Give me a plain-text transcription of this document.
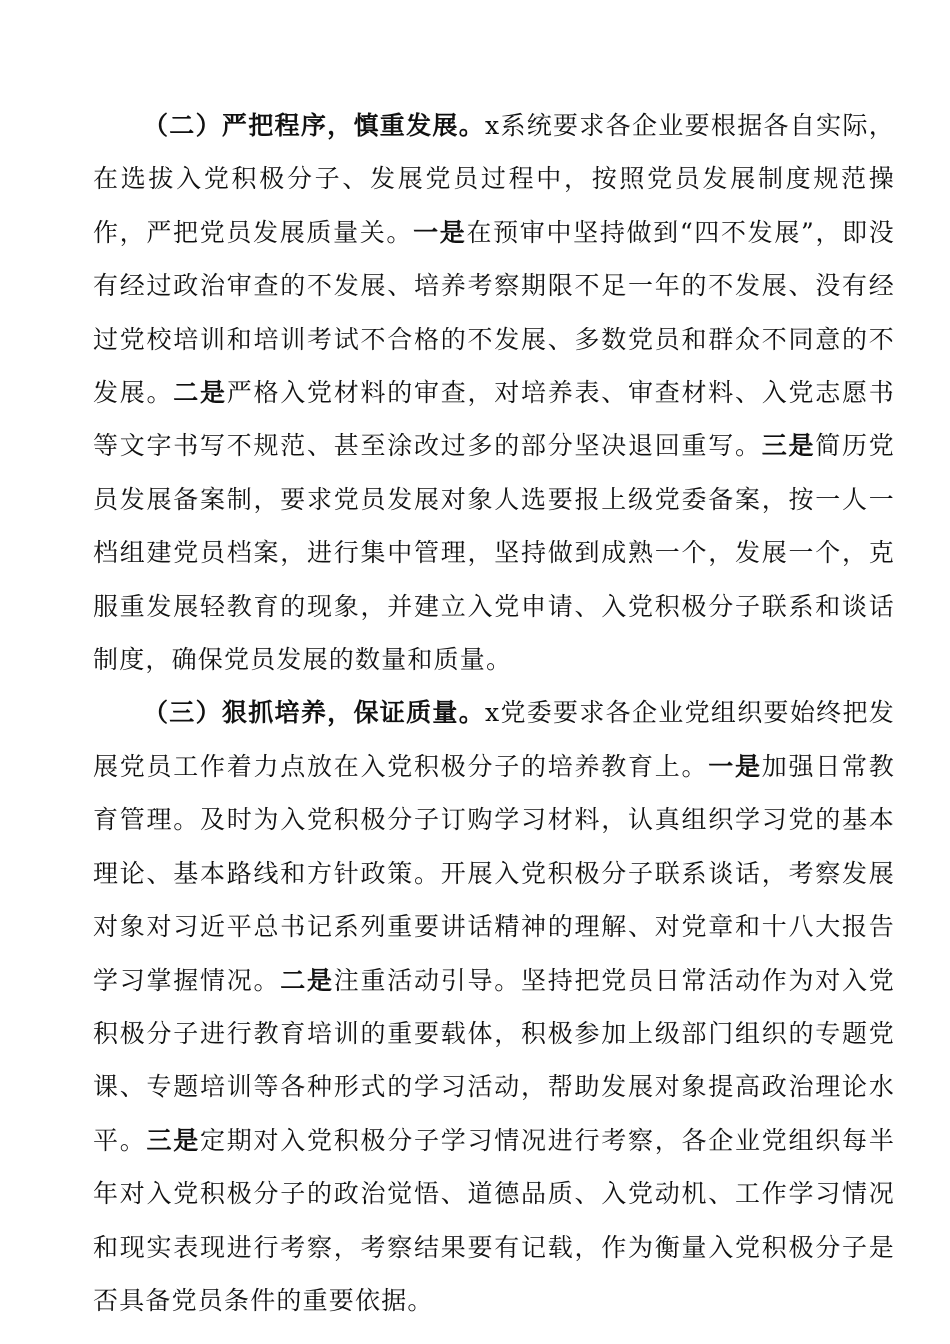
（二）严把程序，慎重发展。x系统要求各企业要根据各自实际，在选拔入党积极分子、发展党员过程中，按照党员发展制度规范操作，严把党员发展质量关。一是在预审中坚持做到“四不发展”，即没有经过政治审查的不发展、培养考察期限不足一年的不发展、没有经过党校培训和培训考试不合格的不发展、多数党员和群众不同意的不发展。二是严格入党材料的审查，对培养表、审查材料、入党志愿书等文字书写不规范、甚至涂改过多的部分坚决退回重写。三是简历党员发展备案制，要求党员发展对象人选要报上级党委备案，按一人一档组建党员档案，进行集中管理，坚持做到成熟一个，发展一个，克服重发展轻教育的现象，并建立入党申请、入党积极分子联系和谈话制度，确保党员发展的数量和质量。

（三）狠抓培养，保证质量。x党委要求各企业党组织要始终把发展党员工作着力点放在入党积极分子的培养教育上。一是加强日常教育管理。及时为入党积极分子订购学习材料，认真组织学习党的基本理论、基本路线和方针政策。开展入党积极分子联系谈话，考察发展对象对习近平总书记系列重要讲话精神的理解、对党章和十八大报告学习掌握情况。二是注重活动引导。坚持把党员日常活动作为对入党积极分子进行教育培训的重要载体，积极参加上级部门组织的专题党课、专题培训等各种形式的学习活动，帮助发展对象提高政治理论水平。三是定期对入党积极分子学习情况进行考察，各企业党组织每半年对入党积极分子的政治觉悟、道德品质、入党动机、工作学习情况和现实表现进行考察，考察结果要有记载，作为衡量入党积极分子是否具备党员条件的重要依据。
